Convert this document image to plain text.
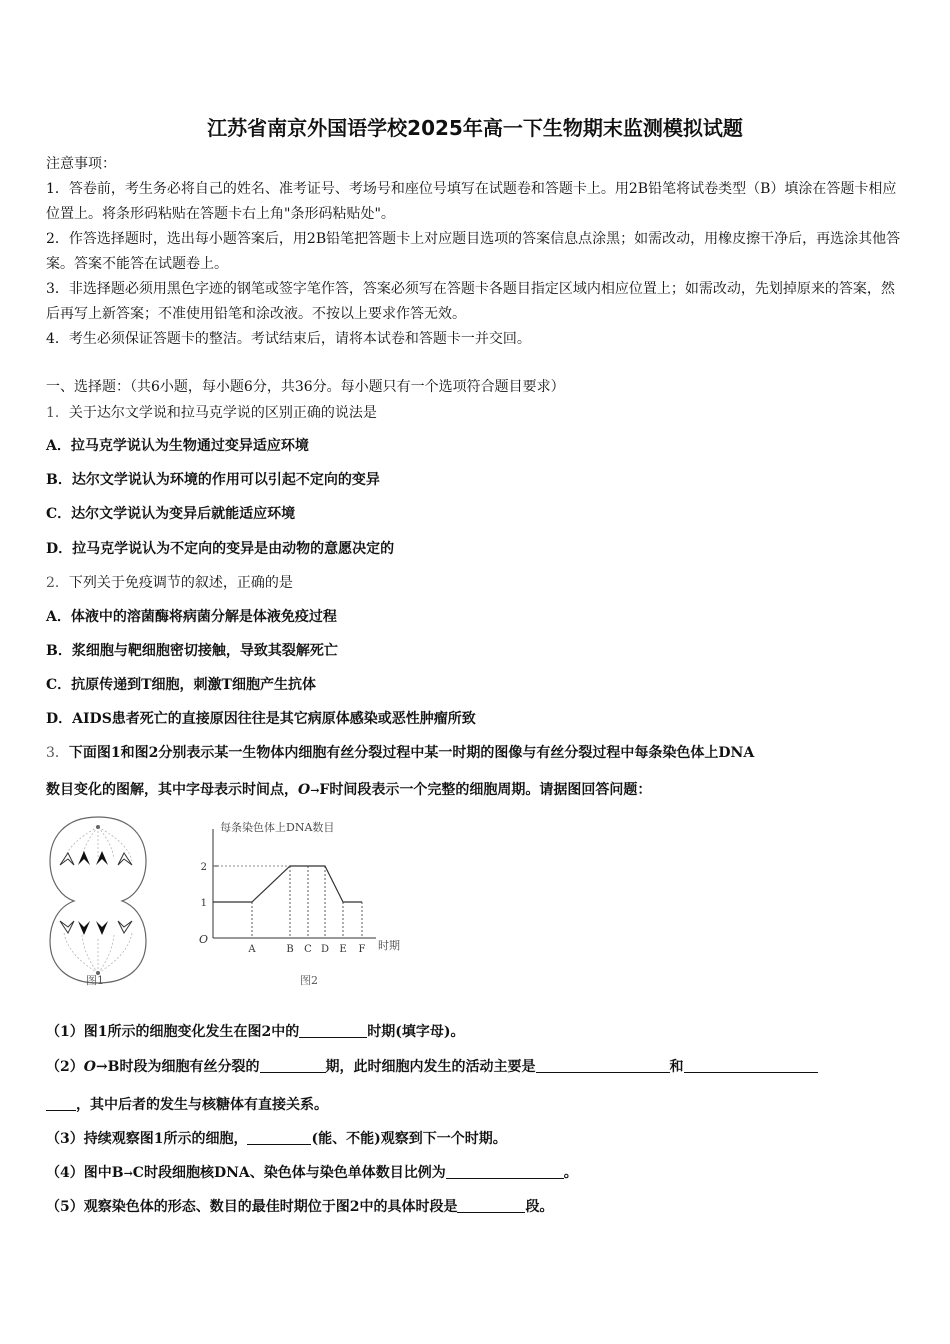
江苏省南京外国语学校2025年高一下生物期末监测模拟试题

注意事项：

1．答卷前，考生务必将自己的姓名、准考证号、考场号和座位号填写在试题卷和答题卡上。用2B铅笔将试卷类型（B）填涂在答题卡相应位置上。将条形码粘贴在答题卡右上角"条形码粘贴处"。

2．作答选择题时，选出每小题答案后，用2B铅笔把答题卡上对应题目选项的答案信息点涂黑；如需改动，用橡皮擦干净后，再选涂其他答案。答案不能答在试题卷上。

3．非选择题必须用黑色字迹的钢笔或签字笔作答，答案必须写在答题卡各题目指定区域内相应位置上；如需改动，先划掉原来的答案，然后再写上新答案；不准使用铅笔和涂改液。不按以上要求作答无效。

4．考生必须保证答题卡的整洁。考试结束后，请将本试卷和答题卡一并交回。

一、选择题：（共6小题，每小题6分，共36分。每小题只有一个选项符合题目要求）
1．关于达尔文学说和拉马克学说的区别正确的说法是
A．拉马克学说认为生物通过变异适应环境
B．达尔文学说认为环境的作用可以引起不定向的变异
C．达尔文学说认为变异后就能适应环境
D．拉马克学说认为不定向的变异是由动物的意愿决定的
2．下列关于免疫调节的叙述，正确的是
A．体液中的溶菌酶将病菌分解是体液免疫过程
B．浆细胞与靶细胞密切接触，导致其裂解死亡
C．抗原传递到T细胞，刺激T细胞产生抗体
D．AIDS患者死亡的直接原因往往是其它病原体感染或恶性肿瘤所致
3．下面图1和图2分别表示某一生物体内细胞有丝分裂过程中某一时期的图像与有丝分裂过程中每条染色体上DNA
数目变化的图解，其中字母表示时间点，O→F时间段表示一个完整的细胞周期。请据图回答问题：
图1
每条染色体上DNA数目
O	时期
1
2
A	B C D E F
图2
（1）图1所示的细胞变化发生在图2中的	时期(填字母)。
（2）O→B时段为细胞有丝分裂的	期，此时细胞内发生的活动主要是	和
，其中后者的发生与核糖体有直接关系。
（3）持续观察图1所示的细胞，	(能、不能)观察到下一个时期。
（4）图中B→C时段细胞核DNA、染色体与染色单体数目比例为	。
（5）观察染色体的形态、数目的最佳时期位于图2中的具体时段是	段。
